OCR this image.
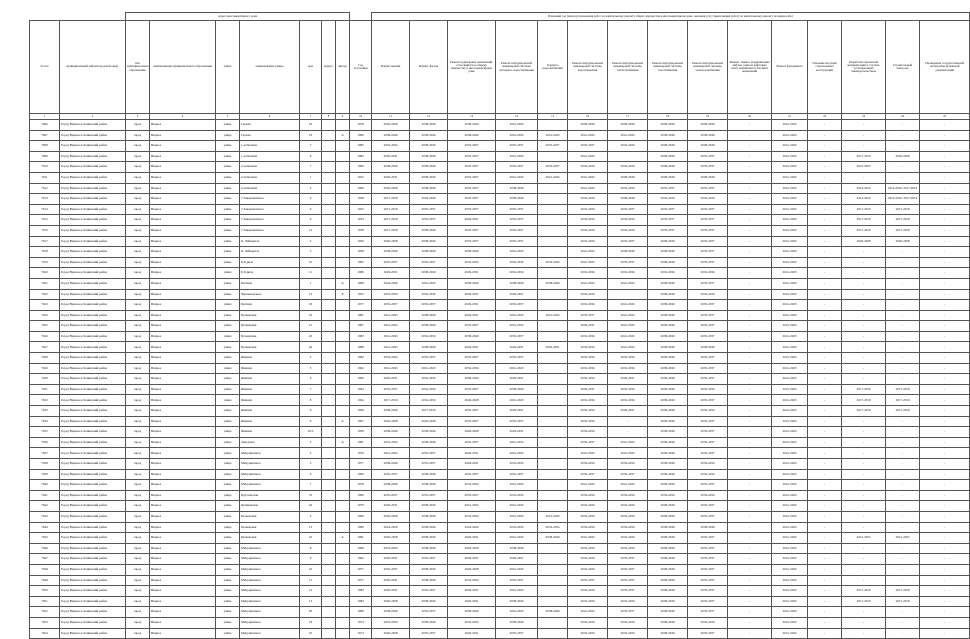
		Адрес многоквартирного дома								Плановый год (период) проведения работ по капитальному ремонту общего имущества в многоквартирном доме, оказания услуг (выполнения работ) по капитальному ремонту по видам работ														
№ п/п	муниципальный район/городской округ	тип муниципального образования	наименование муниципального образования	улица	наименование улицы	дом	корпус	литера	Год постройки	Ремонт крыши	Ремонт фасада	Ремонт подвальных помещений, относящихся к общему имуществу в многоквартирном доме	Ремонт внутридомовой инженерной системы холодного водоснабжения	Горячего водоснабжения	Ремонт внутридомовой инженерной системы водоотведения	Ремонт внутридомовой инженерной системы теплоснабжения	Ремонт внутридомовой инженерной системы газоснабжения	Ремонт внутридомовой инженерной системы электроснабжения	Ремонт, замена, модернизация лифтов, ремонт лифтовых шахт, машинных и блочных помещений	Ремонт фундамента	Усиление несущих строительных конструкций	Разработка проектной документации в случаях, установленных законодательством	Строительный контроль	Проведение государственной экспертизы проектной документации
1	2	3	4	5	6	7	8	9	10	11	12	13	14	15	16	17	18	19	20	21	22	23	24	25
7606	Город Видное и Ленинский район	город	Видное	улица	Гаража	22			1978	2026-2028	2038-2040	2038-2040	2041-2043		2038-2040	2038-2040	2038-2040	2038-2040	-	2041-2043	-	-	-	-
7607	Город Видное и Ленинский район	город	Видное	улица	Гаража	23		А	1990	2038-2040	2038-2040	2038-2040	2041-2043	2041-2043	2041-2043	2041-2043	2038-2040	2038-2040	-	2041-2043	-	-	-	-
7608	Город Видное и Ленинский район	город	Видное	улица	1-ая Козина	7			1985	2032-2034	2038-2040	2035-2037	2035-2037	2035-2037	2035-2037	2032-2034	2038-2040	2038-2040	-	2041-2043	-	-	-	-
7609	Город Видное и Ленинский район	город	Видное	улица	1-ая Козина	9			1982	2029-2031	2038-2040	2035-2037	2041-2043		2041-2043		2038-2040	2035-2037	-	2041-2043	-	2017-2019	2026-2028	-
7610	Город Видное и Ленинский район	город	Видное	улица	2-ая Козина	7			1960	2038-2040	2038-2040	2035-2037	2035-2037	2035-2037	2032-2034	2032-2034	2038-2040	2035-2037	-	2041-2043	-	2021-2023	-	-
7611	Город Видное и Ленинский район	город	Видное	улица	2-ая Козина	1			1952	2029-2031	2038-2040	2035-2037	2041-2043	2041-2043	2041-2043	2038-2040	2038-2040	2038-2040	-	2041-2043	-	-	-	-
7612	Город Видное и Ленинский район	город	Видное	улица	2-ая Козина	5			1960	2026-2028	2038-2040	2035-2037	2038-2040		2041-2043	2032-2034	2035-2037	2035-2037	-	2041-2043	-	2014-2016	2014-2016, 2017-2019	-
7613	Город Видное и Ленинский район	город	Видное	улица	7-Завершенского	6			1928	2017-2019	2044-2046	2035-2037	2038-2040		2032-2034	2038-2040	2032-2034	2032-2034	-	2041-2043	-	2014-2016	2014-2016, 2017-2019	-
7614	Город Видное и Ленинский район	город	Видное	улица	7-Завершенского	6			1952	2017-2019	2035-2037	2035-2037	2035-2037		2032-2034	2035-2037	2035-2037	2035-2037	-	2041-2043	-	2017-2019	2017-2019	-
7615	Город Видное и Ленинский район	город	Видное	улица	7-Завершенского	9			1954	2017-2019	2035-2037	2029-2031	2035-2037		2032-2034	2032-2034	2035-2037	2035-2037	-	2041-2043	-	2017-2019	2017-2019	-
7616	Город Видное и Ленинский район	город	Видное	улица	7-Завершенского	12			1958	2017-2019	2038-2040	2035-2037	2035-2037		2032-2034	2032-2034	2035-2037	2035-2037	-	2041-2043	-	2017-2019	2017-2019	-
7617	Город Видное и Ленинский район	город	Видное	улица	К. Либкнехта	2			1956	2026-2028	2038-2040	2035-2037	2035-2037		2032-2034	2035-2037	2038-2040	2035-2037	-	2041-2043	-	2026-2028	2026-2028	-
7618	Город Видное и Ленинский район	город	Видное	улица	К. Либкнехта	3			1958	2038-2040	2038-2040	2038-2040	2041-2043		2041-2043	2038-2040	2038-2040	2035-2037	-	2041-2043	-	-	-	-
7619	Город Видное и Ленинский район	город	Видное	улица	Б.Зорича	10			1995	2035-2037	2035-2037	2032-2034	2032-2034	2032-2034	2041-2043	2035-2037	2038-2040	2035-2037	-	2041-2043	-	-	-	-
7620	Город Видное и Ленинский район	город	Видное	улица	Б.Зорича	11			1989	2029-2031	2038-2040	2029-2031	2032-2034		2032-2034	2032-2034	2032-2034	2032-2034	-	2041-2043	-	-	-	-
7621	Город Видное и Ленинский район	город	Видное	улица	Бахтина	1		А	1998	2044-2046	2041-2043	2038-2040	2038-2040	2038-2040	2041-2043	2041-2043	2038-2040	2035-2037	-	2041-2043	-	-	-	-
7622	Город Видное и Ленинский район	город	Видное	улица	Черныховского	13		Б	1952	2032-2034	2032-2034	2029-2031	2029-2031		2032-2034		2038-2040	2032-2034	-	2041-2043	-	-	-	-
7623	Город Видное и Ленинский район	город	Видное	улица	Бахтина	18			1977	2035-2037	2035-2037	2029-2031	2035-2037		2032-2034	2041-2043	2038-2040	2035-2037	-	2041-2043	-	-	-	-
7624	Город Видное и Ленинский район	город	Видное	улица	Бульварная	22			1981	2041-2043	2038-2040	2029-2031	2041-2043	2041-2043	2035-2037	2041-2043	2038-2040	2035-2037	-	2041-2043	-	-	-	-
7625	Город Видное и Ленинский район	город	Видное	улица	Бульварная	21			1987	2041-2043	2038-2040	2035-2037	2041-2043		2029-2031	2041-2043	2038-2040	2035-2037	-	2041-2043	-	-	-	-
7626	Город Видное и Ленинский район	город	Видное	улица	Бульварная	26			1983	2041-2043	2032-2034	2038-2040	2035-2037		2032-2034	2041-2043	2038-2040	2035-2037	-	2041-2043	-	-	-	-
7627	Город Видное и Ленинский район	город	Видное	улица	Бульварная	46			1988	2041-2043	2038-2040	2029-2031	2029-2031	2029-2031	2032-2034	2041-2043	2038-2040	2038-2040	-	2041-2043	-	-	-	-
7628	Город Видное и Ленинский район	город	Видное	улица	Жилина	2			1982	2032-2034	2035-2037	2035-2037	2035-2037		2032-2034	2032-2034	2038-2040	2035-2037	-	2041-2043	-	-	-	-
7629	Город Видное и Ленинский район	город	Видное	улица	Жилина	5			1962	2041-2043	2041-2043	2032-2034	2041-2043		2032-2034	2032-2034	2038-2040	2035-2037	-	2041-2043	-	-	-	-
7630	Город Видное и Ленинский район	город	Видное	улица	Жилина	6			1960	2029-2031	2032-2034	2038-2040	2029-2031		2032-2034	2029-2031	2038-2040	2035-2037	-	2041-2043	-	-	-	-
7631	Город Видное и Ленинский район	город	Видное	улица	Жилина	7			1964	2035-2037	2032-2034	2035-2037	2038-2040		2029-2031	2032-2034	2038-2040	2032-2034	-	2041-2043	-	2017-2019	2017-2019	-
7632	Город Видное и Ленинский район	город	Видное	улица	Жилина	8			1964	2017-2019	2032-2034	2026-2028	2041-2043		2032-2034	2032-2034	2038-2040	2035-2037	-	2041-2043	-	2017-2019	2017-2019	-
7633	Город Видное и Ленинский район	город	Видное	улица	Жилина	9			1969	2038-2040	2017-2019	2035-2037	2029-2031		2032-2034	2029-2031	2038-2040	2032-2034	-	2041-2043	-	2017-2019	2017-2019	-
7634	Город Видное и Ленинский район	город	Видное	улица	Жилина	9		А	1967	2026-2028	2026-2028	2035-2037	2035-2037		2032-2034	-	2038-2040	2035-2037	-	2041-2043	-	-	-	-
7635	Город Видное и Ленинский район	город	Видное	улица	Жилина	10/3			1958	2038-2040	2038-2040	2026-2028	2029-2031		2032-2034	-	2038-2040	2035-2037	-	2041-2043	-	-	-	-
7636	Город Видное и Ленинский район	город	Видное	улица	Заводская	2		А	1981	2032-2034	2038-2040	2035-2037	2041-2043		2035-2037	2041-2043	2038-2040	2035-2037	-	2041-2043	-	-	-	-
7637	Город Видное и Ленинский район	город	Видное	улица	Мичуринского	2			1976	2041-2043	2035-2037	2029-2031	2041-2043		2041-2043	2041-2043	2038-2040	2035-2037	-	2041-2043	-	-	-	-
7638	Город Видное и Ленинский район	город	Видное	улица	Мичуринского	3			1977	2038-2040	2035-2037	2029-2031	2032-2034		2032-2034	2032-2034	2038-2040	2032-2034	-	2041-2043	-	-	-	-
7639	Город Видное и Ленинский район	город	Видное	улица	Мичуринского	6			1960	2035-2037	2038-2040	2035-2037	2035-2037		2035-2037	2035-2037	2038-2040	2032-2034	-	2041-2043	-	-	-	-
7640	Город Видное и Ленинский район	город	Видное	улица	Мичуринского	7			1978	2038-2040	2038-2040	2032-2034	2041-2043		2041-2043	2041-2043	2038-2040	2035-2037	-	2041-2043	-	-	-	-
7641	Город Видное и Ленинский район	город	Видное	улица	Крутоярская	76			1990	2035-2037	2035-2037	2035-2037	2032-2034		2032-2034	2032-2034	2032-2034	2032-2034	-	2041-2043	-	-	-	-
7642	Город Видное и Ленинский район	город	Видное	улица	Куликовская	42			1979	2029-2031	2038-2040	2041-2043	2041-2043		2032-2034	2032-2034	2038-2040	2035-2037	-	2041-2043	-	-	-	-
7643	Город Видное и Ленинский район	город	Видное	улица	Бульварная	3			1990	2026-2028	2038-2040	2032-2034	2041-2043	2041-2043	2032-2034	2032-2034	2038-2040	2035-2037	-	2041-2043	-	-	-	-
7644	Город Видное и Ленинский район	город	Видное	улица	Бульварная	13			1989	2024-2026	2038-2040	2024-2026	2032-2034	2032-2034	2032-2034	2032-2034	2038-2040	2038-2040	-	2041-2043	-	-	-	-
7645	Город Видное и Ленинский район	город	Видное	улица	Бульварная	22		А	1981	2026-2028	2038-2040	2029-2031	2041-2043	2038-2040	2041-2043	2032-2034	2038-2040	2035-2037	-	2041-2043	-	2021-2023	2021-2023	-
7646	Город Видное и Ленинский район	город	Видное	улица	Мичуринского	8			1969	2032-2034	2038-2040	2026-2028	2038-2040		2032-2034	2032-2034	2038-2040	2035-2037	-	2041-2043	-	-	-	-
7647	Город Видное и Ленинский район	город	Видное	улица	Мичуринского	9			1962	2029-2031	2035-2037	2029-2031	2029-2031		2032-2034	2035-2037	2038-2040	2035-2037	-	2041-2043	-	-	-	-
7648	Город Видное и Ленинский район	город	Видное	улица	Мичуринского	10			1977	2035-2037	2038-2040	2026-2028	2041-2043		2032-2034	2035-2037	2038-2040	2035-2037	-	2041-2043	-	-	-	-
7649	Город Видное и Ленинский район	город	Видное	улица	Мичуринского	11			1977	2029-2031	2038-2040	2032-2034	2035-2037		2035-2037	2035-2037	2038-2040	2035-2037	-	2041-2043	-	-	-	-
7650	Город Видное и Ленинский район	город	Видное	улица	Мичуринского	12			1983	2029-2031	2035-2037	2029-2031	2041-2043		2032-2034	2035-2037	2038-2040	2035-2037	-	2041-2043	-	2017-2019	2017-2019	-
7651	Город Видное и Ленинский район	город	Видное	улица	Мичуринского	13			1983	2026-2028	2038-2040	2029-2031	2038-2040		2032-2034	2032-2034	2038-2040	2035-2037	-	2041-2043	-	2017-2019	2017-2019	-
7652	Город Видное и Ленинский район	город	Видное	улица	Мичуринского	20			1989	2038-2040	2035-2037	2038-2040	2041-2043	2038-2040	2041-2043	2035-2037	2038-2040	2035-2037	-	2041-2043	-	-	-	-
7653	Город Видное и Ленинский район	город	Видное	улица	Мичуринского	23			1974	2032-2034	2038-2040	2032-2034	2038-2040		2032-2034	2032-2034	2038-2040	2032-2034	-	2041-2043	-	-	-	-
7654	Город Видное и Ленинский район	город	Видное	улица	Мичуринского	25			1974	2026-2028	2035-2037	2029-2031	2035-2037		2032-2034	2032-2034	2038-2040	2035-2037	-	2041-2043	-	-	-	-
